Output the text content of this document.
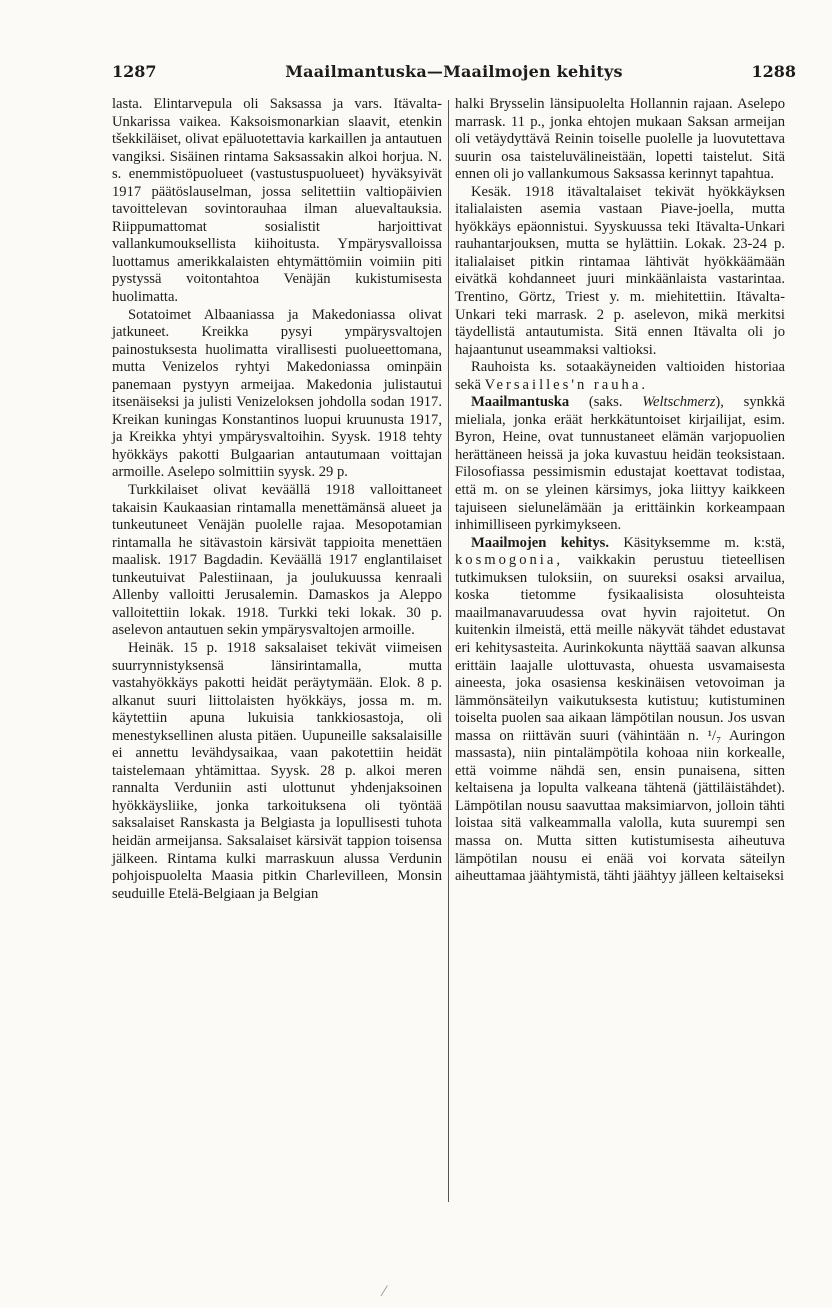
1287	Maailmantuska—Maailmojen kehitys	1288

lasta. Elintarvepula oli Saksassa ja vars. Itävalta-Unkarissa vaikea. Kaksoismonarkian slaavit, etenkin tšekkiläiset, olivat epäluotettavia karkaillen ja antautuen vangiksi. Sisäinen rintama Saksassakin alkoi horjua. N. s. enemmistöpuolueet (vastustuspuolueet) hyväksyivät 1917 päätöslauselman, jossa selitettiin valtiopäivien tavoittelevan sovintorauhaa ilman aluevaltauksia. Riippumattomat sosialistit harjoittivat vallankumouksellista kiihoitusta. Ympärysvalloissa luottamus amerikkalaisten ehtymättömiin voimiin piti pystyssä voitontahtoa Venäjän kukistumisesta huolimatta.

Sotatoimet Albaaniassa ja Makedoniassa olivat jatkuneet. Kreikka pysyi ympärysvaltojen painostuksesta huolimatta virallisesti puolueettomana, mutta Venizelos ryhtyi Makedoniassa ominpäin panemaan pystyyn armeijaa. Makedonia julistautui itsenäiseksi ja julisti Venizeloksen johdolla sodan 1917. Kreikan kuningas Konstantinos luopui kruunusta 1917, ja Kreikka yhtyi ympärysvaltoihin. Syysk. 1918 tehty hyökkäys pakotti Bulgaarian antautumaan voittajan armoille. Aselepo solmittiin syysk. 29 p.

Turkkilaiset olivat keväällä 1918 valloittaneet takaisin Kaukaasian rintamalla menettämänsä alueet ja tunkeutuneet Venäjän puolelle rajaa. Mesopotamian rintamalla he sitävastoin kärsivät tappioita menettäen maalisk. 1917 Bagdadin. Keväällä 1917 englantilaiset tunkeutuivat Palestiinaan, ja joulukuussa kenraali Allenby valloitti Jerusalemin. Damaskos ja Aleppo valloitettiin lokak. 1918. Turkki teki lokak. 30 p. aselevon antautuen sekin ympärysvaltojen armoille.

Heinäk. 15 p. 1918 saksalaiset tekivät viimeisen suurrynnistyksensä länsirintamalla, mutta vastahyökkäys pakotti heidät peräytymään. Elok. 8 p. alkanut suuri liittolaisten hyökkäys, jossa m. m. käytettiin apuna lukuisia tankkiosastoja, oli menestyksellinen alusta pitäen. Uupuneille saksalaisille ei annettu levähdysaikaa, vaan pakotettiin heidät taistelemaan yhtämittaa. Syysk. 28 p. alkoi meren rannalta Verduniin asti ulottunut yhdenjaksoinen hyökkäysliike, jonka tarkoituksena oli työntää saksalaiset Ranskasta ja Belgiasta ja lopullisesti tuhota heidän armeijansa. Saksalaiset kärsivät tappion toisensa jälkeen. Rintama kulki marraskuun alussa Verdunin pohjoispuolelta Maasia pitkin Charlevilleen, Monsin seuduille Etelä-Belgiaan ja Belgian

halki Brysselin länsipuolelta Hollannin rajaan. Aselepo marrask. 11 p., jonka ehtojen mukaan Saksan armeijan oli vetäydyttävä Reinin toiselle puolelle ja luovutettava suurin osa taisteluvälineistään, lopetti taistelut. Sitä ennen oli jo vallankumous Saksassa kerinnyt tapahtua.

Kesäk. 1918 itävaltalaiset tekivät hyökkäyksen italialaisten asemia vastaan Piave-joella, mutta hyökkäys epäonnistui. Syyskuussa teki Itävalta-Unkari rauhantarjouksen, mutta se hylättiin. Lokak. 23-24 p. italialaiset pitkin rintamaa lähtivät hyökkäämään eivätkä kohdanneet juuri minkäänlaista vastarintaa. Trentino, Görtz, Triest y. m. miehitettiin. Itävalta-Unkari teki marrask. 2 p. aselevon, mikä merkitsi täydellistä antautumista. Sitä ennen Itävalta oli jo hajaantunut useammaksi valtioksi.

Rauhoista ks. sotaakäyneiden valtioiden historiaa sekä Versailles'n rauha.

Maailmantuska (saks. Weltschmerz), synkkä mieliala, jonka eräät herkkätuntoiset kirjailijat, esim. Byron, Heine, ovat tunnustaneet elämän varjopuolien herättäneen heissä ja joka kuvastuu heidän teoksistaan. Filosofiassa pessimismin edustajat koettavat todistaa, että m. on se yleinen kärsimys, joka liittyy kaikkeen tajuiseen sielunelämään ja erittäinkin korkeampaan inhimilliseen pyrkimykseen.

Maailmojen kehitys. Käsityksemme m. k:stä, kosmogonia, vaikkakin perustuu tieteellisen tutkimuksen tuloksiin, on suureksi osaksi arvailua, koska tietomme fysikaalisista olosuhteista maailmanavaruudessa ovat hyvin rajoitetut. On kuitenkin ilmeistä, että meille näkyvät tähdet edustavat eri kehitysasteita. Aurinkokunta näyttää saavan alkunsa erittäin laajalle ulottuvasta, ohuesta usvamaisesta aineesta, joka osasiensa keskinäisen vetovoiman ja lämmönsäteilyn vaikutuksesta kutistuu; kutistuminen toiselta puolen saa aikaan lämpötilan nousun. Jos usvan massa on riittävän suuri (vähintään n. ¹/₇ Auringon massasta), niin pintalämpötila kohoaa niin korkealle, että voimme nähdä sen, ensin punaisena, sitten keltaisena ja lopulta valkeana tähtenä (jättiläistähdet). Lämpötilan nousu saavuttaa maksimiarvon, jolloin tähti loistaa sitä valkeammalla valolla, kuta suurempi sen massa on. Mutta sitten kutistumisesta aiheutuva lämpötilan nousu ei enää voi korvata säteilyn aiheuttamaa jäähtymistä, tähti jäähtyy jälleen keltaiseksi

⁄
